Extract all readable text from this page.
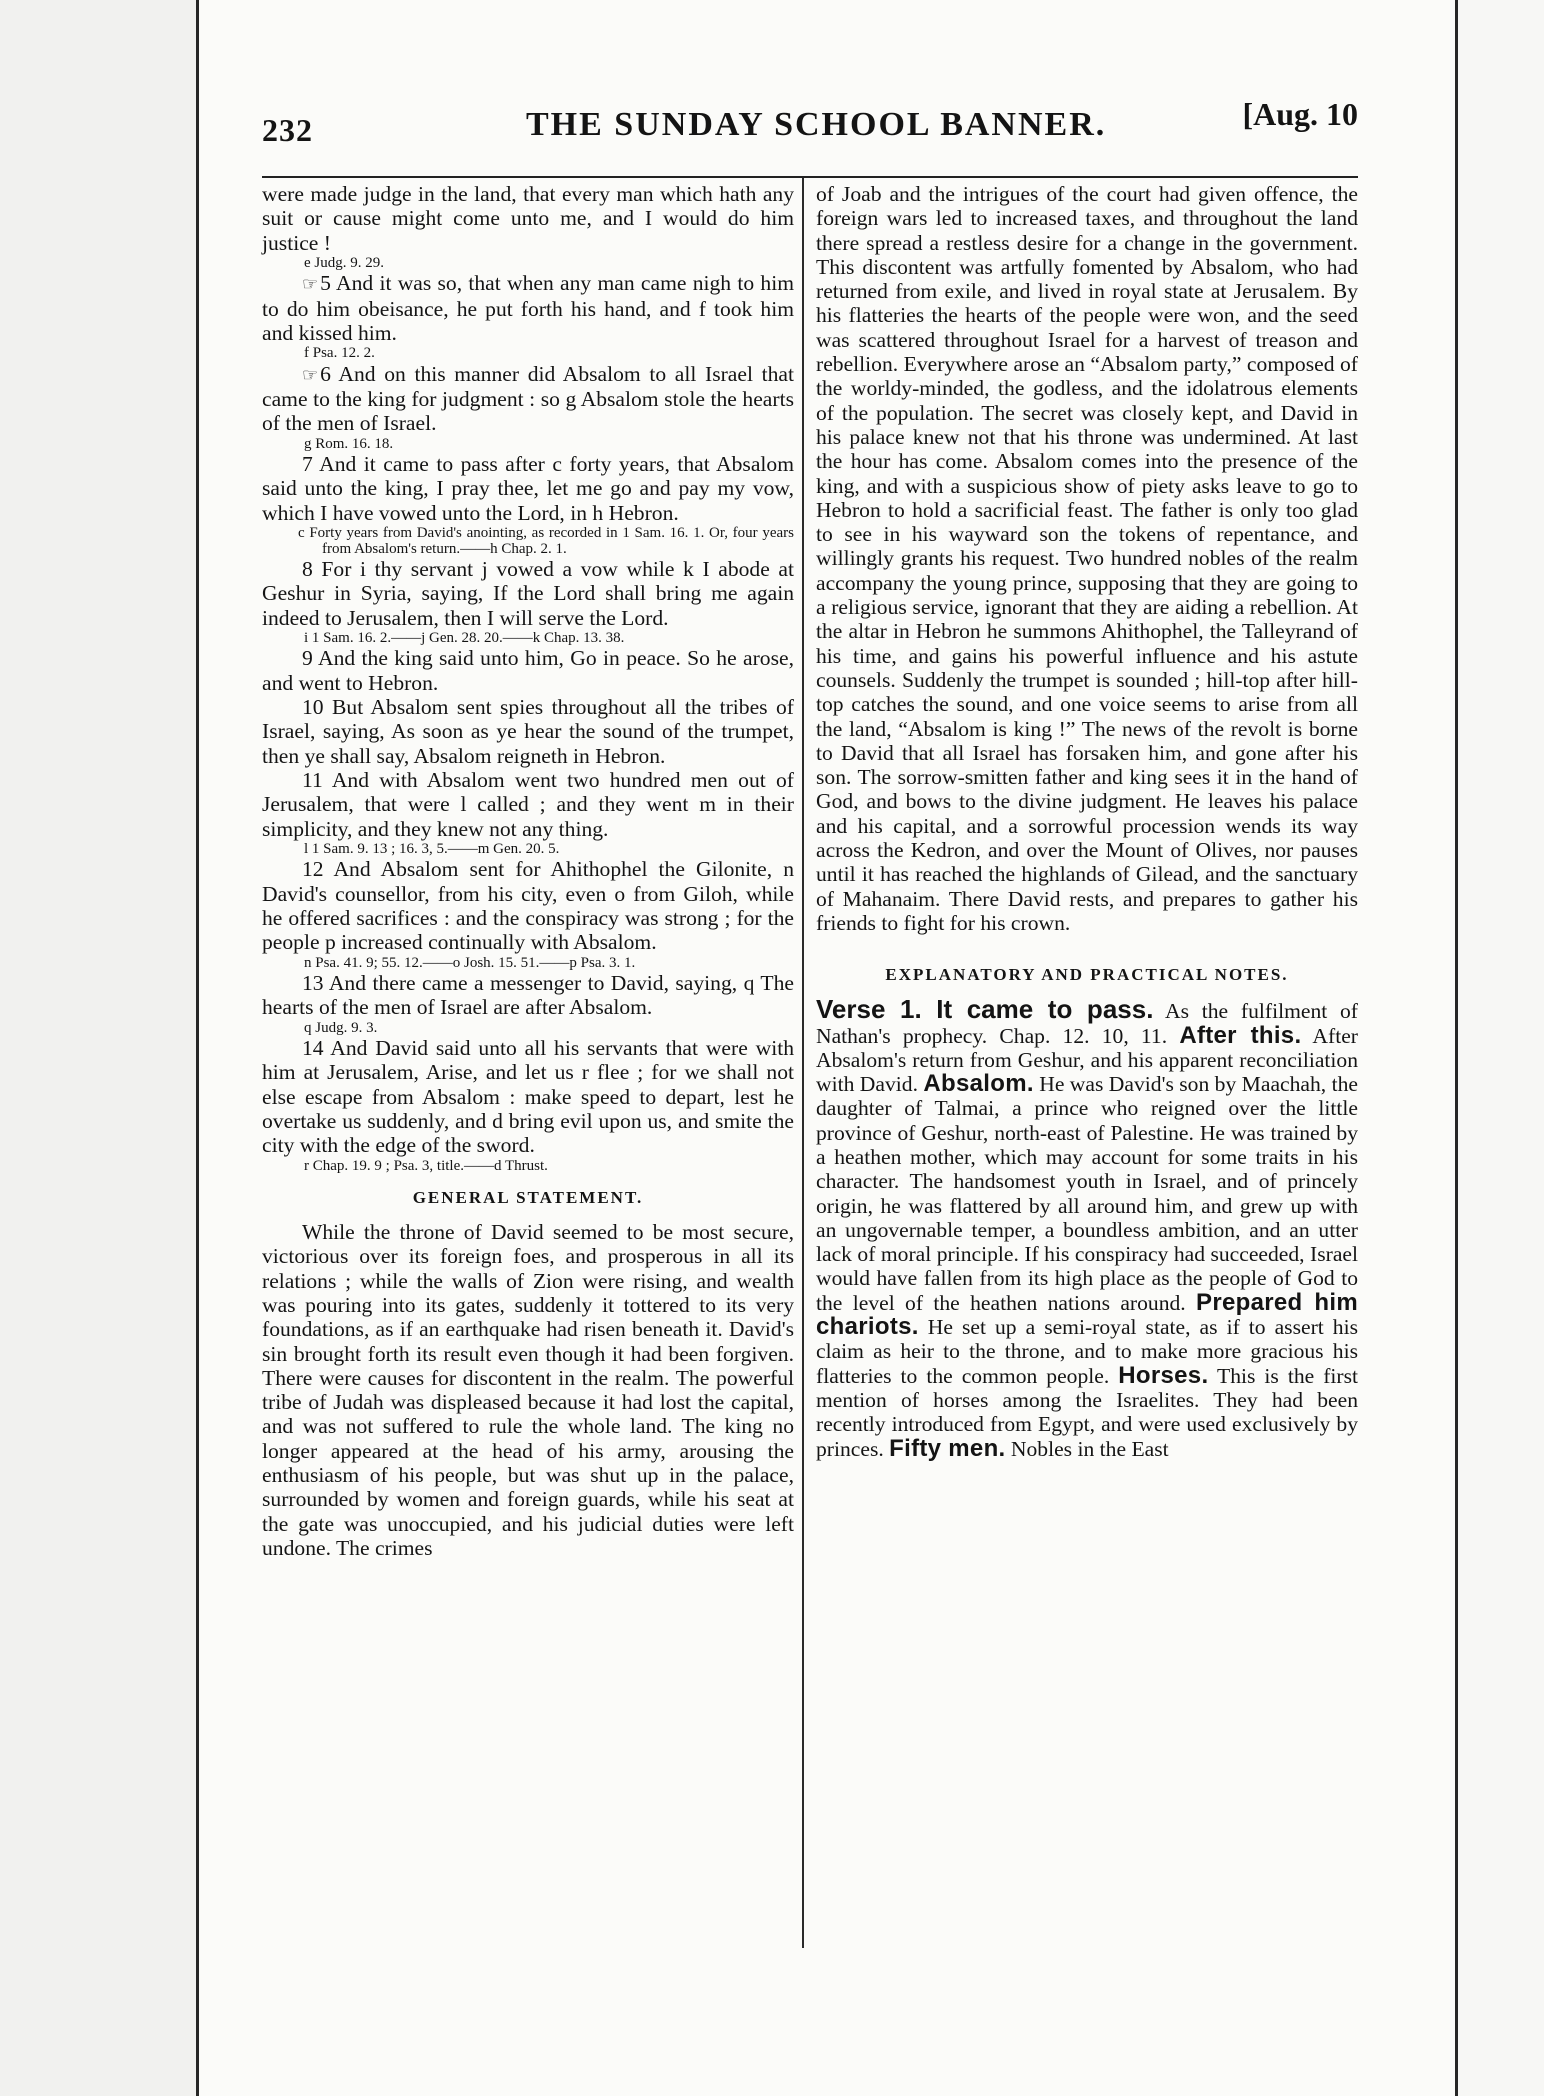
232	THE SUNDAY SCHOOL BANNER.	[Aug. 10

were made judge in the land, that every man which hath any suit or cause might come unto me, and I would do him justice !

e Judg. 9. 29.

☞5 And it was so, that when any man came nigh to him to do him obeisance, he put forth his hand, and f took him and kissed him.

f Psa. 12. 2.

☞6 And on this manner did Absalom to all Israel that came to the king for judgment : so g Absalom stole the hearts of the men of Israel.

g Rom. 16. 18.

7 And it came to pass after c forty years, that Absalom said unto the king, I pray thee, let me go and pay my vow, which I have vowed unto the Lord, in h Hebron.

c Forty years from David's anointing, as recorded in 1 Sam. 16. 1. Or, four years from Absalom's return.——h Chap. 2. 1.

8 For i thy servant j vowed a vow while k I abode at Geshur in Syria, saying, If the Lord shall bring me again indeed to Jerusalem, then I will serve the Lord.

i 1 Sam. 16. 2.——j Gen. 28. 20.——k Chap. 13. 38.

9 And the king said unto him, Go in peace. So he arose, and went to Hebron.

10 But Absalom sent spies throughout all the tribes of Israel, saying, As soon as ye hear the sound of the trumpet, then ye shall say, Absalom reigneth in Hebron.

11 And with Absalom went two hundred men out of Jerusalem, that were l called ; and they went m in their simplicity, and they knew not any thing.

l 1 Sam. 9. 13 ; 16. 3, 5.——m Gen. 20. 5.

12 And Absalom sent for Ahithophel the Gilonite, n David's counsellor, from his city, even o from Giloh, while he offered sacrifices : and the conspiracy was strong ; for the people p increased continually with Absalom.

n Psa. 41. 9; 55. 12.——o Josh. 15. 51.——p Psa. 3. 1.

13 And there came a messenger to David, saying, q The hearts of the men of Israel are after Absalom.

q Judg. 9. 3.

14 And David said unto all his servants that were with him at Jerusalem, Arise, and let us r flee ; for we shall not else escape from Absalom : make speed to depart, lest he overtake us suddenly, and d bring evil upon us, and smite the city with the edge of the sword.

r Chap. 19. 9 ; Psa. 3, title.——d Thrust.

GENERAL STATEMENT.

While the throne of David seemed to be most secure, victorious over its foreign foes, and prosperous in all its relations ; while the walls of Zion were rising, and wealth was pouring into its gates, suddenly it tottered to its very foundations, as if an earthquake had risen beneath it. David's sin brought forth its result even though it had been forgiven. There were causes for discontent in the realm. The powerful tribe of Judah was displeased because it had lost the capital, and was not suffered to rule the whole land. The king no longer appeared at the head of his army, arousing the enthusiasm of his people, but was shut up in the palace, surrounded by women and foreign guards, while his seat at the gate was unoccupied, and his judicial duties were left undone. The crimes

of Joab and the intrigues of the court had given offence, the foreign wars led to increased taxes, and throughout the land there spread a restless desire for a change in the government. This discontent was artfully fomented by Absalom, who had returned from exile, and lived in royal state at Jerusalem. By his flatteries the hearts of the people were won, and the seed was scattered throughout Israel for a harvest of treason and rebellion. Everywhere arose an “Absalom party,” composed of the worldy-minded, the godless, and the idolatrous elements of the population. The secret was closely kept, and David in his palace knew not that his throne was undermined. At last the hour has come. Absalom comes into the presence of the king, and with a suspicious show of piety asks leave to go to Hebron to hold a sacrificial feast. The father is only too glad to see in his wayward son the tokens of repentance, and willingly grants his request. Two hundred nobles of the realm accompany the young prince, supposing that they are going to a religious service, ignorant that they are aiding a rebellion. At the altar in Hebron he summons Ahithophel, the Talleyrand of his time, and gains his powerful influence and his astute counsels. Suddenly the trumpet is sounded ; hill-top after hill-top catches the sound, and one voice seems to arise from all the land, “Absalom is king !” The news of the revolt is borne to David that all Israel has forsaken him, and gone after his son. The sorrow-smitten father and king sees it in the hand of God, and bows to the divine judgment. He leaves his palace and his capital, and a sorrowful procession wends its way across the Kedron, and over the Mount of Olives, nor pauses until it has reached the highlands of Gilead, and the sanctuary of Mahanaim. There David rests, and prepares to gather his friends to fight for his crown.

EXPLANATORY AND PRACTICAL NOTES.

Verse 1. It came to pass. As the fulfilment of Nathan's prophecy. Chap. 12. 10, 11. After this. After Absalom's return from Geshur, and his apparent reconciliation with David. Absalom. He was David's son by Maachah, the daughter of Talmai, a prince who reigned over the little province of Geshur, north-east of Palestine. He was trained by a heathen mother, which may account for some traits in his character. The handsomest youth in Israel, and of princely origin, he was flattered by all around him, and grew up with an ungovernable temper, a boundless ambition, and an utter lack of moral principle. If his conspiracy had succeeded, Israel would have fallen from its high place as the people of God to the level of the heathen nations around. Prepared him chariots. He set up a semi-royal state, as if to assert his claim as heir to the throne, and to make more gracious his flatteries to the common people. Horses. This is the first mention of horses among the Israelites. They had been recently introduced from Egypt, and were used exclusively by princes. Fifty men. Nobles in the East
